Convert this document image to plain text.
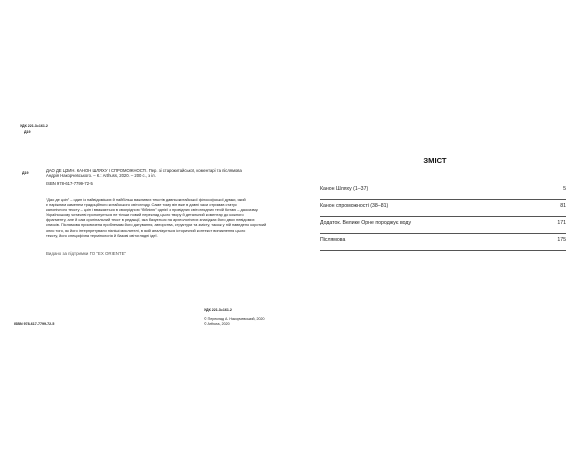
УДК 221.3=161.2
Д19
Д19	ДАО ДЕ ЦЗИН. КАНОН ШЛЯХУ І СПРОМОЖНОСТІ. Пер. зі старокитайської, коментарі та післямова
Андрія Накорчевського. – К.: Arthuss, 2020. – 200 с., з іл.
ISBN 978-617-7799-72-5
“Дао де цзін” – один із найвідоміших й найбільш важливих текстів давньокитайської філософської думки, який
є наріжним каменем традиційного китайського світогляду. Саме тому він вже в давні часи отримав статус
канонічного тексту – цзін і вважається в своєрідною “біблією” однієї з провідних світоглядних течій Китаю – даосизму.
Українському читачеві пропонується не тільки новий переклад цього твору й детальний коментар до кожного
фрагменту, але й сам оригінальний текст в редакції, яка базується на археологічних знахідках його двох невідомих
списків. Післямова присвячена проблемам його датування, авторства, структури та змісту, також у ній наведено короткий
опис того, як його інтерпретували пізніші мислителі, в якій аналізується історичний контекст виникнення цього
тексту, його специфічна термінологія й базові світоглядні ідеї.
Видано за підтримки ГО "EX ORIENTE"
УДК 221.3=161.2
© Переклад А. Накорчевський, 2020
© Arthuss, 2020
ISBN 978-617-7799-72-5
ЗМІСТ
Канон Шляху (1–37)	5
Канон спроможності (38–81)	81
Додаток. Велике Орне породжує воду	171
Післямова	175
